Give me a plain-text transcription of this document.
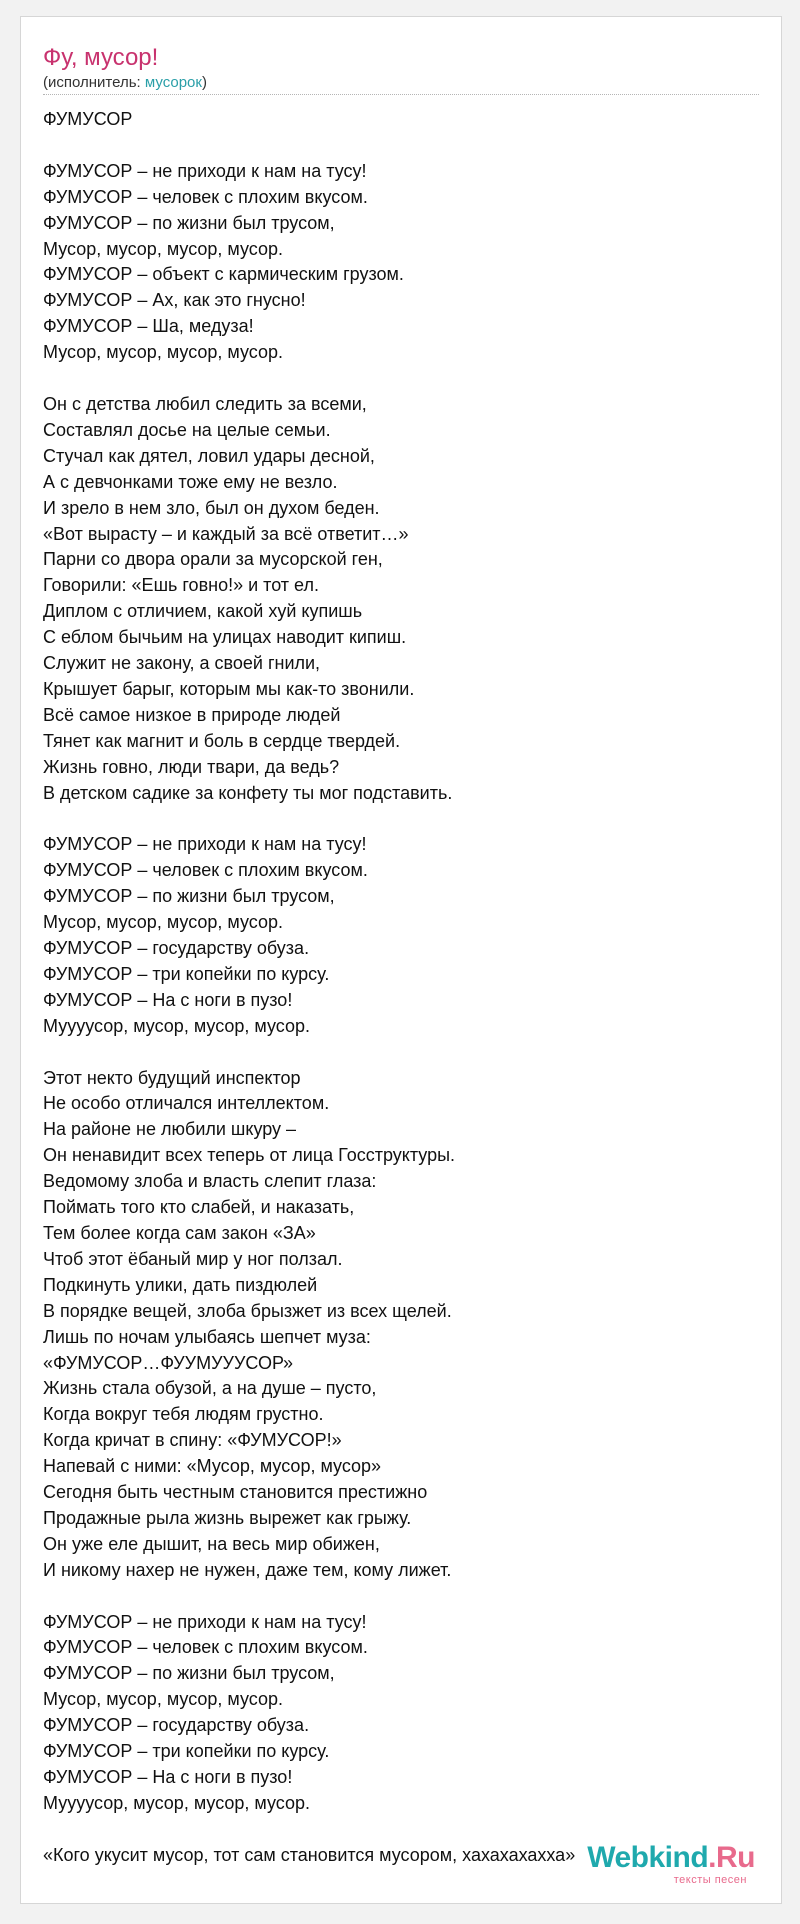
Фу, мусор!
(исполнитель: мусорок)
ФУМУСОР

ФУМУСОР – не приходи к нам на тусу!
ФУМУСОР – человек с плохим вкусом.
ФУМУСОР – по жизни был трусом,
Мусор, мусор, мусор, мусор.
ФУМУСОР – объект с кармическим грузом.
ФУМУСОР – Ах, как это гнусно!
ФУМУСОР – Ша, медуза!
Мусор, мусор, мусор, мусор.

Он с детства любил следить за всеми,
Составлял досье на целые семьи.
Стучал как дятел, ловил удары десной,
А с девчонками тоже ему не везло.
И зрело в нем зло, был он духом беден.
«Вот вырасту – и каждый за всё ответит…»
Парни со двора орали за мусорской ген,
Говорили: «Ешь говно!» и тот ел.
Диплом с отличием, какой хуй купишь
С еблом бычьим на улицах наводит кипиш.
Служит не закону, а своей гнили,
Крышует барыг, которым мы как-то звонили.
Всё самое низкое в природе людей
Тянет как магнит и боль в сердце твердей.
Жизнь говно, люди твари, да ведь?
В детском садике за конфету ты мог подставить.

ФУМУСОР – не приходи к нам на тусу!
ФУМУСОР – человек с плохим вкусом.
ФУМУСОР – по жизни был трусом,
Мусор, мусор, мусор, мусор.
ФУМУСОР – государству обуза.
ФУМУСОР – три копейки по курсу.
ФУМУСОР – На с ноги в пузо!
Муууусор, мусор, мусор, мусор.

Этот некто будущий инспектор
Не особо отличался интеллектом.
На районе не любили шкуру –
Он ненавидит всех теперь от лица Госструктуры.
Ведомому злоба и власть слепит глаза:
Поймать того кто слабей, и наказать,
Тем более когда сам закон «ЗА»
Чтоб этот ёбаный мир у ног ползал.
Подкинуть улики, дать пиздюлей
В порядке вещей, злоба брызжет из всех щелей.
Лишь по ночам улыбаясь шепчет муза:
«ФУМУСОР…ФУУМУУУСОР»
Жизнь стала обузой, а на душе – пусто,
Когда вокруг тебя людям грустно.
Когда кричат в спину: «ФУМУСОР!»
Напевай с ними: «Мусор, мусор, мусор»
Сегодня быть честным становится престижно
Продажные рыла жизнь вырежет как грыжу.
Он уже еле дышит, на весь мир обижен,
И никому нахер не нужен, даже тем, кому лижет.

ФУМУСОР – не приходи к нам на тусу!
ФУМУСОР – человек с плохим вкусом.
ФУМУСОР – по жизни был трусом,
Мусор, мусор, мусор, мусор.
ФУМУСОР – государству обуза.
ФУМУСОР – три копейки по курсу.
ФУМУСОР – На с ноги в пузо!
Муууусор, мусор, мусор, мусор.

«Кого укусит мусор, тот сам становится мусором, хахахахахха» Webkind.Ru
тексты песен
